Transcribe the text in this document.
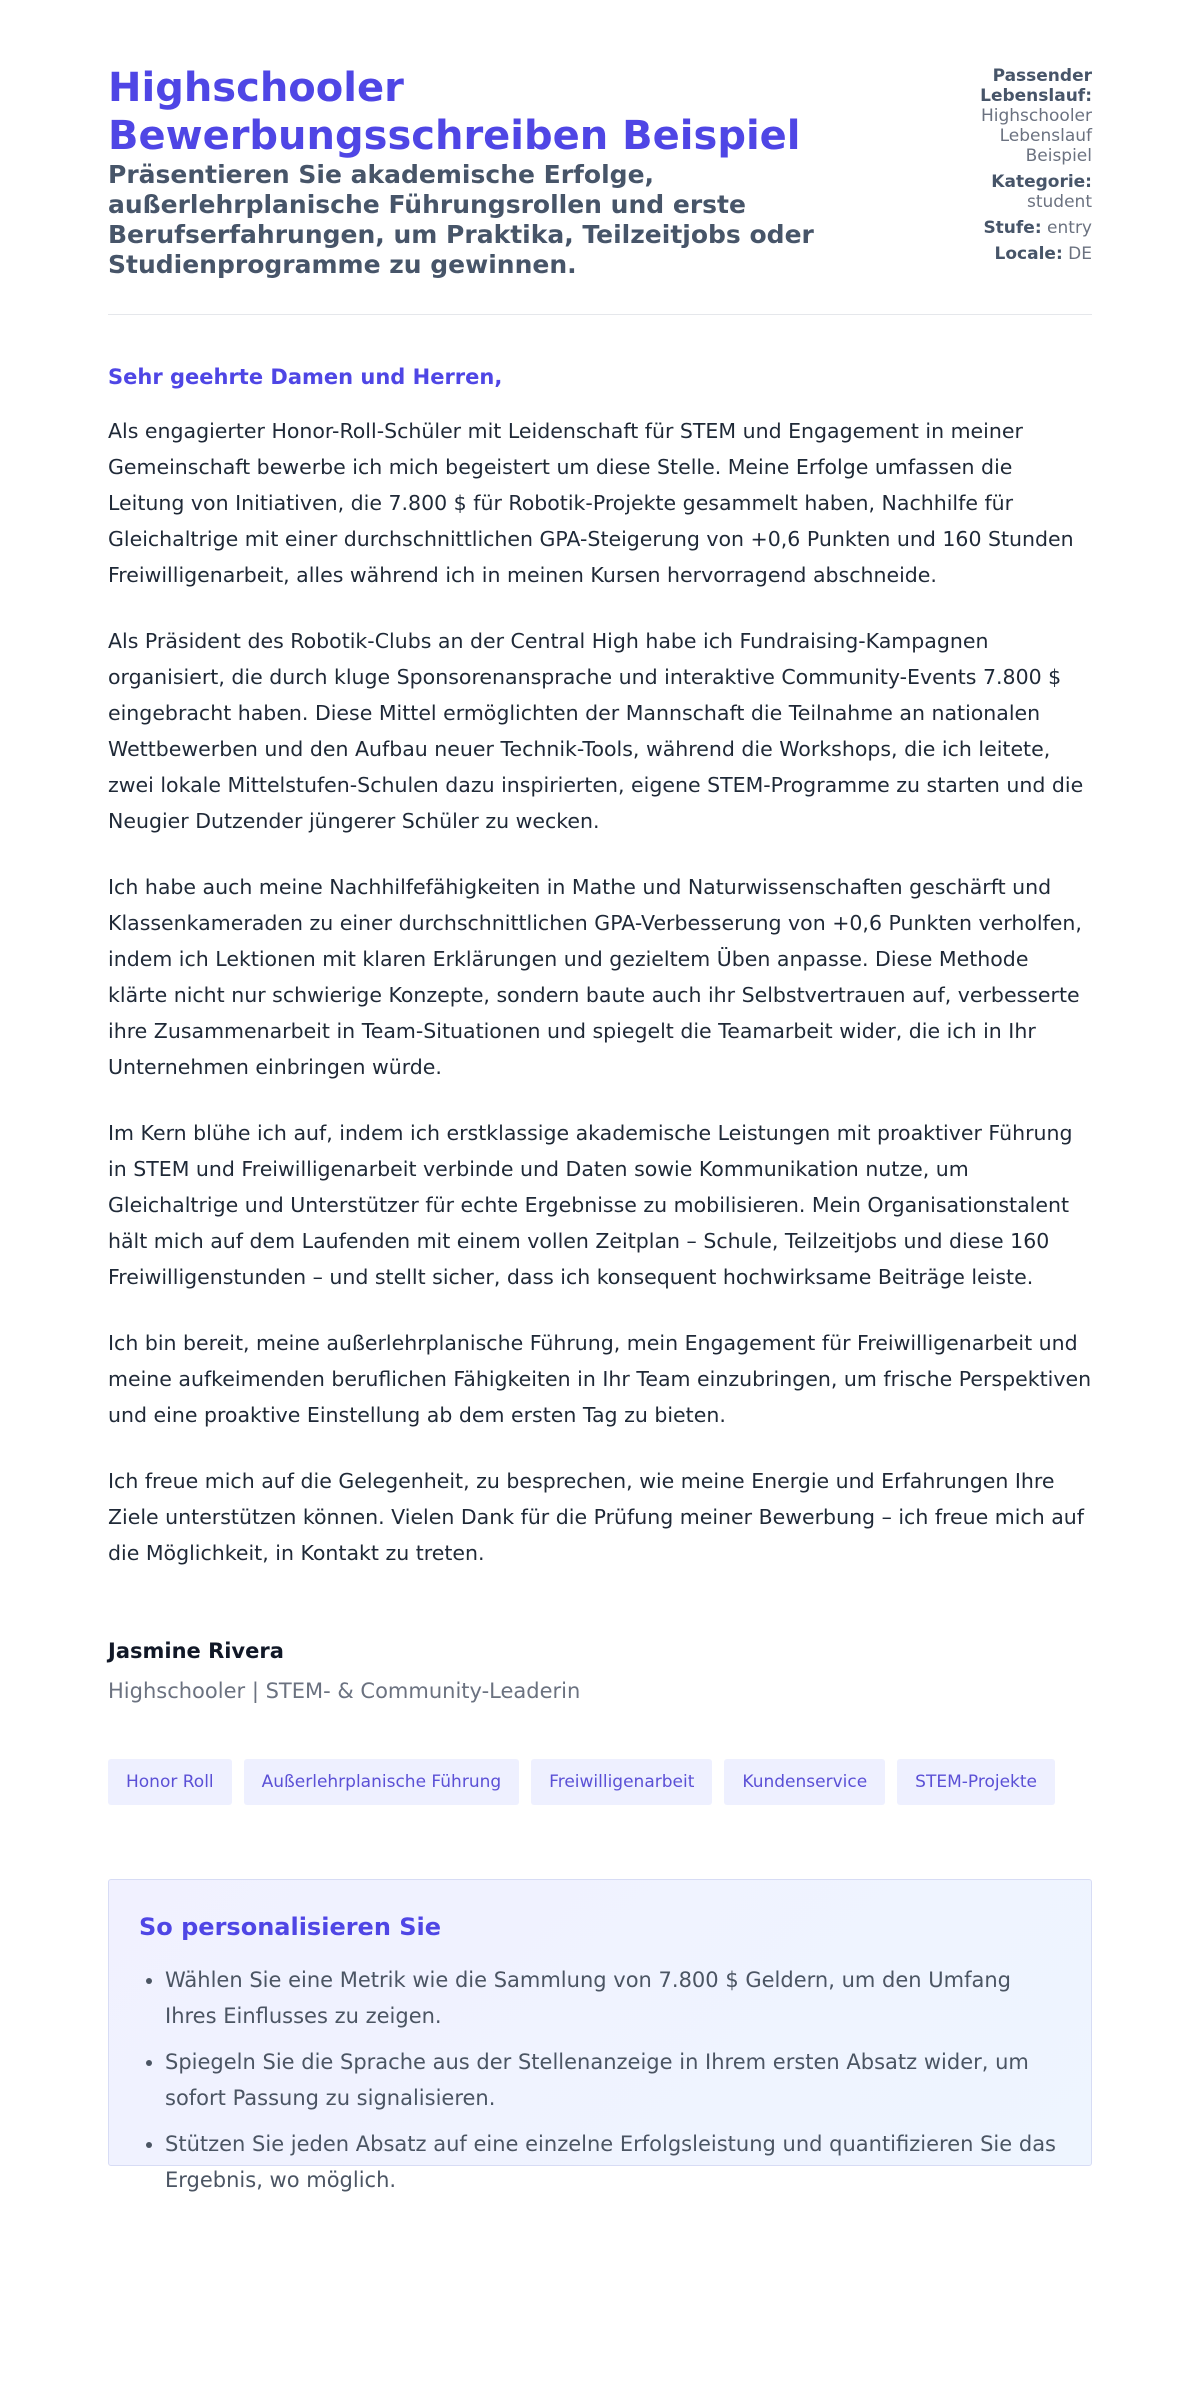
Highschooler Bewerbungsschreiben Beispiel

Präsentieren Sie akademische Erfolge, außerlehrplanische Führungsrollen und erste Berufserfahrungen, um Praktika, Teilzeitjobs oder Studienprogramme zu gewinnen.

Passender Lebenslauf:
Highschooler Lebenslauf Beispiel
Kategorie:
student
Stufe: entry
Locale: DE

Sehr geehrte Damen und Herren,

Als engagierter Honor-Roll-Schüler mit Leidenschaft für STEM und Engagement in meiner Gemeinschaft bewerbe ich mich begeistert um diese Stelle. Meine Erfolge umfassen die Leitung von Initiativen, die 7.800 $ für Robotik-Projekte gesammelt haben, Nachhilfe für Gleichaltrige mit einer durchschnittlichen GPA-Steigerung von +0,6 Punkten und 160 Stunden Freiwilligenarbeit, alles während ich in meinen Kursen hervorragend abschneide.

Als Präsident des Robotik-Clubs an der Central High habe ich Fundraising-Kampagnen organisiert, die durch kluge Sponsorenansprache und interaktive Community-Events 7.800 $ eingebracht haben. Diese Mittel ermöglichten der Mannschaft die Teilnahme an nationalen Wettbewerben und den Aufbau neuer Technik-Tools, während die Workshops, die ich leitete, zwei lokale Mittelstufen-Schulen dazu inspirierten, eigene STEM-Programme zu starten und die Neugier Dutzender jüngerer Schüler zu wecken.

Ich habe auch meine Nachhilfefähigkeiten in Mathe und Naturwissenschaften geschärft und Klassenkameraden zu einer durchschnittlichen GPA-Verbesserung von +0,6 Punkten verholfen, indem ich Lektionen mit klaren Erklärungen und gezieltem Üben anpasse. Diese Methode klärte nicht nur schwierige Konzepte, sondern baute auch ihr Selbstvertrauen auf, verbesserte ihre Zusammenarbeit in Team-Situationen und spiegelt die Teamarbeit wider, die ich in Ihr Unternehmen einbringen würde.

Im Kern blühe ich auf, indem ich erstklassige akademische Leistungen mit proaktiver Führung in STEM und Freiwilligenarbeit verbinde und Daten sowie Kommunikation nutze, um Gleichaltrige und Unterstützer für echte Ergebnisse zu mobilisieren. Mein Organisationstalent hält mich auf dem Laufenden mit einem vollen Zeitplan – Schule, Teilzeitjobs und diese 160 Freiwilligenstunden – und stellt sicher, dass ich konsequent hochwirksame Beiträge leiste.

Ich bin bereit, meine außerlehrplanische Führung, mein Engagement für Freiwilligenarbeit und meine aufkeimenden beruflichen Fähigkeiten in Ihr Team einzubringen, um frische Perspektiven und eine proaktive Einstellung ab dem ersten Tag zu bieten.

Ich freue mich auf die Gelegenheit, zu besprechen, wie meine Energie und Erfahrungen Ihre Ziele unterstützen können. Vielen Dank für die Prüfung meiner Bewerbung – ich freue mich auf die Möglichkeit, in Kontakt zu treten.

Jasmine Rivera
Highschooler | STEM- & Community-Leaderin
Honor Roll	Außerlehrplanische Führung	Freiwilligenarbeit	Kundenservice	STEM-Projekte
So personalisieren Sie
• Wählen Sie eine Metrik wie die Sammlung von 7.800 $ Geldern, um den Umfang Ihres Einflusses zu zeigen.
• Spiegeln Sie die Sprache aus der Stellenanzeige in Ihrem ersten Absatz wider, um sofort Passung zu signalisieren.
• Stützen Sie jeden Absatz auf eine einzelne Erfolgsleistung und quantifizieren Sie das Ergebnis, wo möglich.
